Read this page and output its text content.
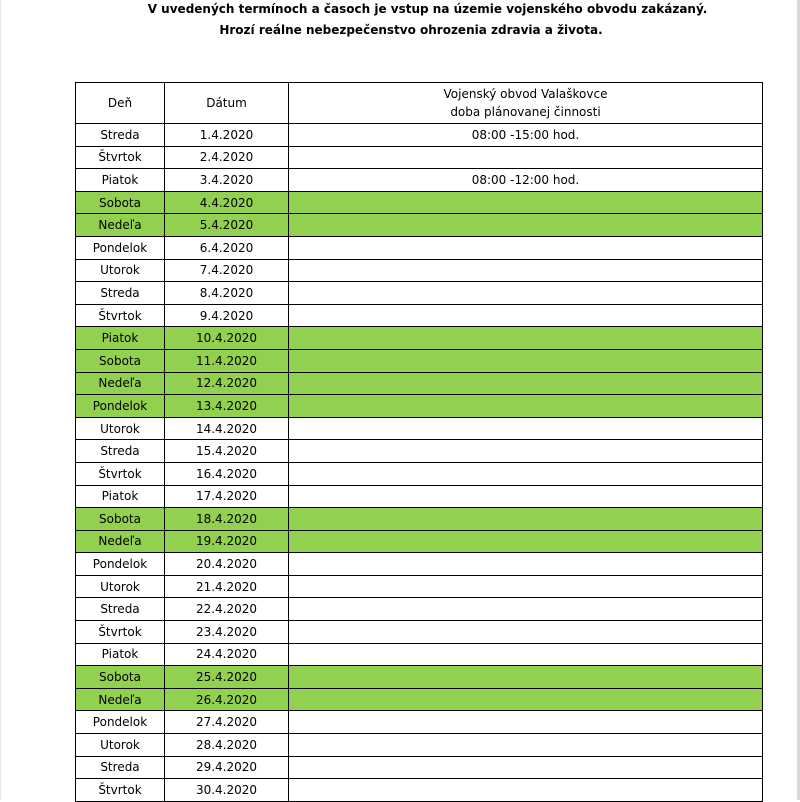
V uvedených termínoch a časoch je vstup na územie vojenského obvodu zakázaný.
Hrozí reálne nebezpečenstvo ohrozenia zdravia a života.
Deň	Dátum	Vojenský obvod Valaškovce
doba plánovanej činnosti

Streda	1.4.2020	08:00 -15:00 hod.
Štvrtok	2.4.2020	
Piatok	3.4.2020	08:00 -12:00 hod.
Sobota	4.4.2020	
Nedeľa	5.4.2020	
Pondelok	6.4.2020	
Utorok	7.4.2020	
Streda	8.4.2020	
Štvrtok	9.4.2020	
Piatok	10.4.2020	
Sobota	11.4.2020	
Nedeľa	12.4.2020	
Pondelok	13.4.2020	
Utorok	14.4.2020	
Streda	15.4.2020	
Štvrtok	16.4.2020	
Piatok	17.4.2020	
Sobota	18.4.2020	
Nedeľa	19.4.2020	
Pondelok	20.4.2020	
Utorok	21.4.2020	
Streda	22.4.2020	
Štvrtok	23.4.2020	
Piatok	24.4.2020	
Sobota	25.4.2020	
Nedeľa	26.4.2020	
Pondelok	27.4.2020	
Utorok	28.4.2020	
Streda	29.4.2020	
Štvrtok	30.4.2020	
